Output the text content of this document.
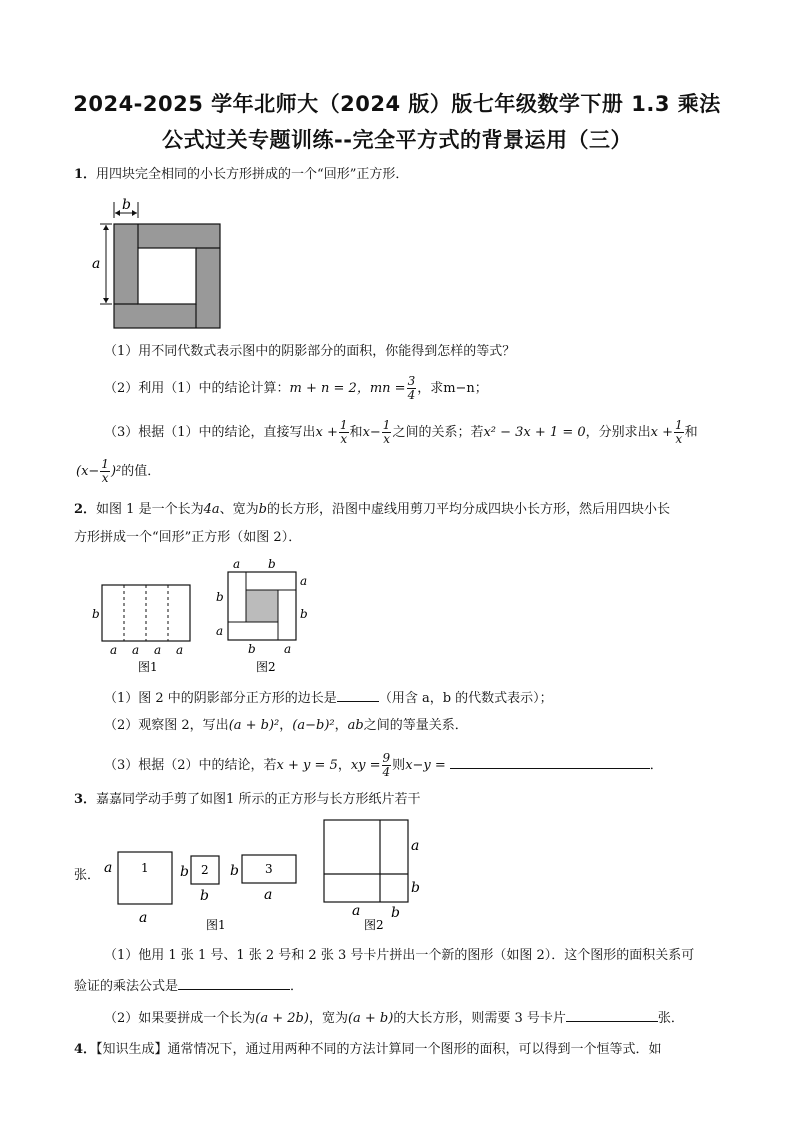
2024-2025 学年北师大（2024 版）版七年级数学下册 1.3 乘法
公式过关专题训练--完全平方式的背景运用（三）
1．用四块完全相同的小长方形拼成的一个“回形”正方形．
b
a
（1）用不同代数式表示图中的阴影部分的面积，你能得到怎样的等式？
（2）利用（1）中的结论计算：m + n = 2，mn = $\frac{3}{4}$ ，求m−n；
（3）根据（1）中的结论，直接写出$x + \frac{1}{x}$ 和$x- \frac{1}{x}$ 之间的关系；若x² − 3x + 1 = 0，分别求出$x + \frac{1}{x}$ 和
$(x- \frac{1}{x} )^2$的值．
2．如图 1 是一个长为4a、宽为b的长方形，沿图中虚线用剪刀平均分成四块小长方形，然后用四块小长
方形拼成一个“回形”正方形（如图 2）．
b
a a a a
图1
a b
a
b
b
a
b a
图2
（1）图 2 中的阴影部分正方形的边长是	（用含 a，b 的代数式表示）；
（2）观察图 2，写出(a + b)²，(a−b)²，ab之间的等量关系．
（3）根据（2）中的结论，若x + y = 5，xy = $\frac{9}{4}$ 则x−y =	．
3．嘉嘉同学动手剪了如图1 所示的正方形与长方形纸片若干
张．	1
a
a
2
b
b
3
b
a
图1
a
b
a b
图2
（1）他用 1 张 1 号、1 张 2 号和 2 张 3 号卡片拼出一个新的图形（如图 2）．这个图形的面积关系可
验证的乘法公式是	．
（2）如果要拼成一个长为(a + 2b)，宽为(a + b)的大长方形，则需要 3 号卡片	张．
4．【知识生成】通常情况下，通过用两种不同的方法计算同一个图形的面积，可以得到一个恒等式．如
